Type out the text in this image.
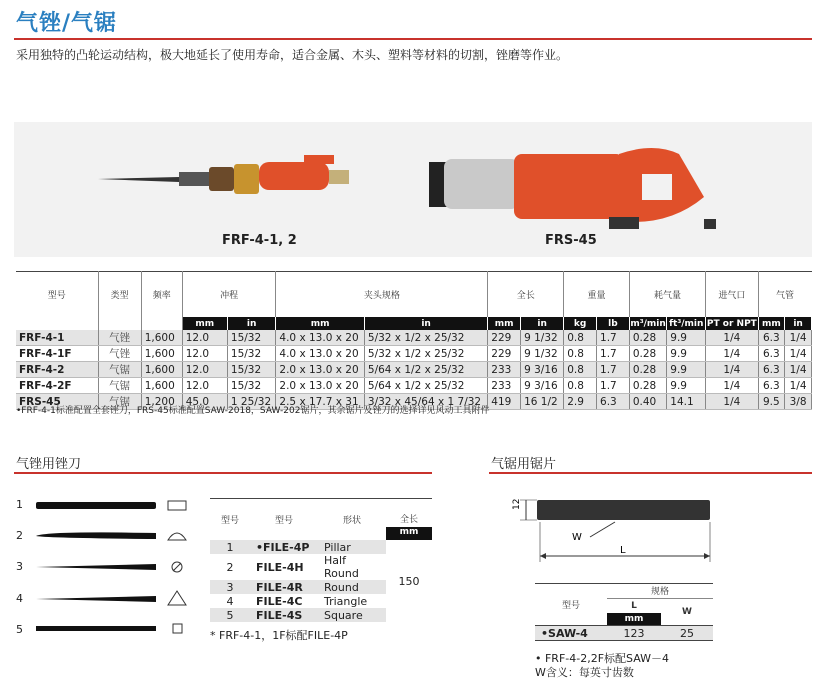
气锉/气锯
采用独特的凸轮运动结构，极大地延长了使用寿命，适合金属、木头、塑料等材料的切割，锉磨等作业。
FRF-4-1, 2	FRS-45
型号	类型	频率	冲程		夹头规格		全长		重量		耗气量		进气口	气管	
			mm	in	mm	in	mm	in	kg	lb	m³/min	ft³/min	PT or NPT	mm	in
FRF-4-1	气锉	1,600	12.0	15/32	4.0 x 13.0 x 20	5/32 x 1/2 x 25/32	229	9 1/32	0.8	1.7	0.28	9.9	1/4	6.3	1/4
FRF-4-1F	气锉	1,600	12.0	15/32	4.0 x 13.0 x 20	5/32 x 1/2 x 25/32	229	9 1/32	0.8	1.7	0.28	9.9	1/4	6.3	1/4
FRF-4-2	气锯	1,600	12.0	15/32	2.0 x 13.0 x 20	5/64 x 1/2 x 25/32	233	9 3/16	0.8	1.7	0.28	9.9	1/4	6.3	1/4
FRF-4-2F	气锯	1,600	12.0	15/32	2.0 x 13.0 x 20	5/64 x 1/2 x 25/32	233	9 3/16	0.8	1.7	0.28	9.9	1/4	6.3	1/4
FRS-45	气锯	1,200	45.0	1 25/32	2.5 x 17.7 x 31	3/32 x 45/64 x 1 7/32	419	16 1/2	2.9	6.3	0.40	14.1	1/4	9.5	3/8
•FRF-4-1标准配置全套锉刀，FRS-45标准配置SAW-2018，SAW-202锯片，其余锯片及锉刀的选择详见风动工具附件
气锉用锉刀
1
2
3
4
5
型号	型号	形状	全长
mm

1	•FILE-4P	Pillar	150
2	FILE-4H	Half Round	
3	FILE-4R	Round	
4	FILE-4C	Triangle	
5	FILE-4S	Square	
* FRF-4-1，1F标配FILE-4P
气锯用锯片
12
W
L
型号	规格	
	L	W
	mm	
•SAW-4	123	25
• FRF-4-2,2F标配SAW－4
W含义：每英寸齿数
